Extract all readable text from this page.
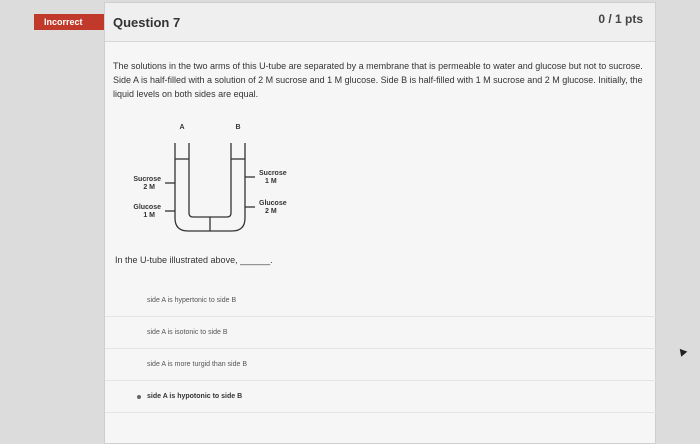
Incorrect	Question 7	0 / 1 pts
The solutions in the two arms of this U-tube are separated by a membrane that is permeable to water and glucose but not to sucrose. Side A is half-filled with a solution of 2 M sucrose and 1 M glucose. Side B is half-filled with 1 M sucrose and 2 M glucose. Initially, the liquid levels on both sides are equal.
A	B
Sucrose
2 M
Glucose
1 M
Sucrose
1 M
Glucose
2 M
In the U-tube illustrated above, ______.
side A is hypertonic to side B
side A is isotonic to side B
side A is more turgid than side B
side A is hypotonic to side B
